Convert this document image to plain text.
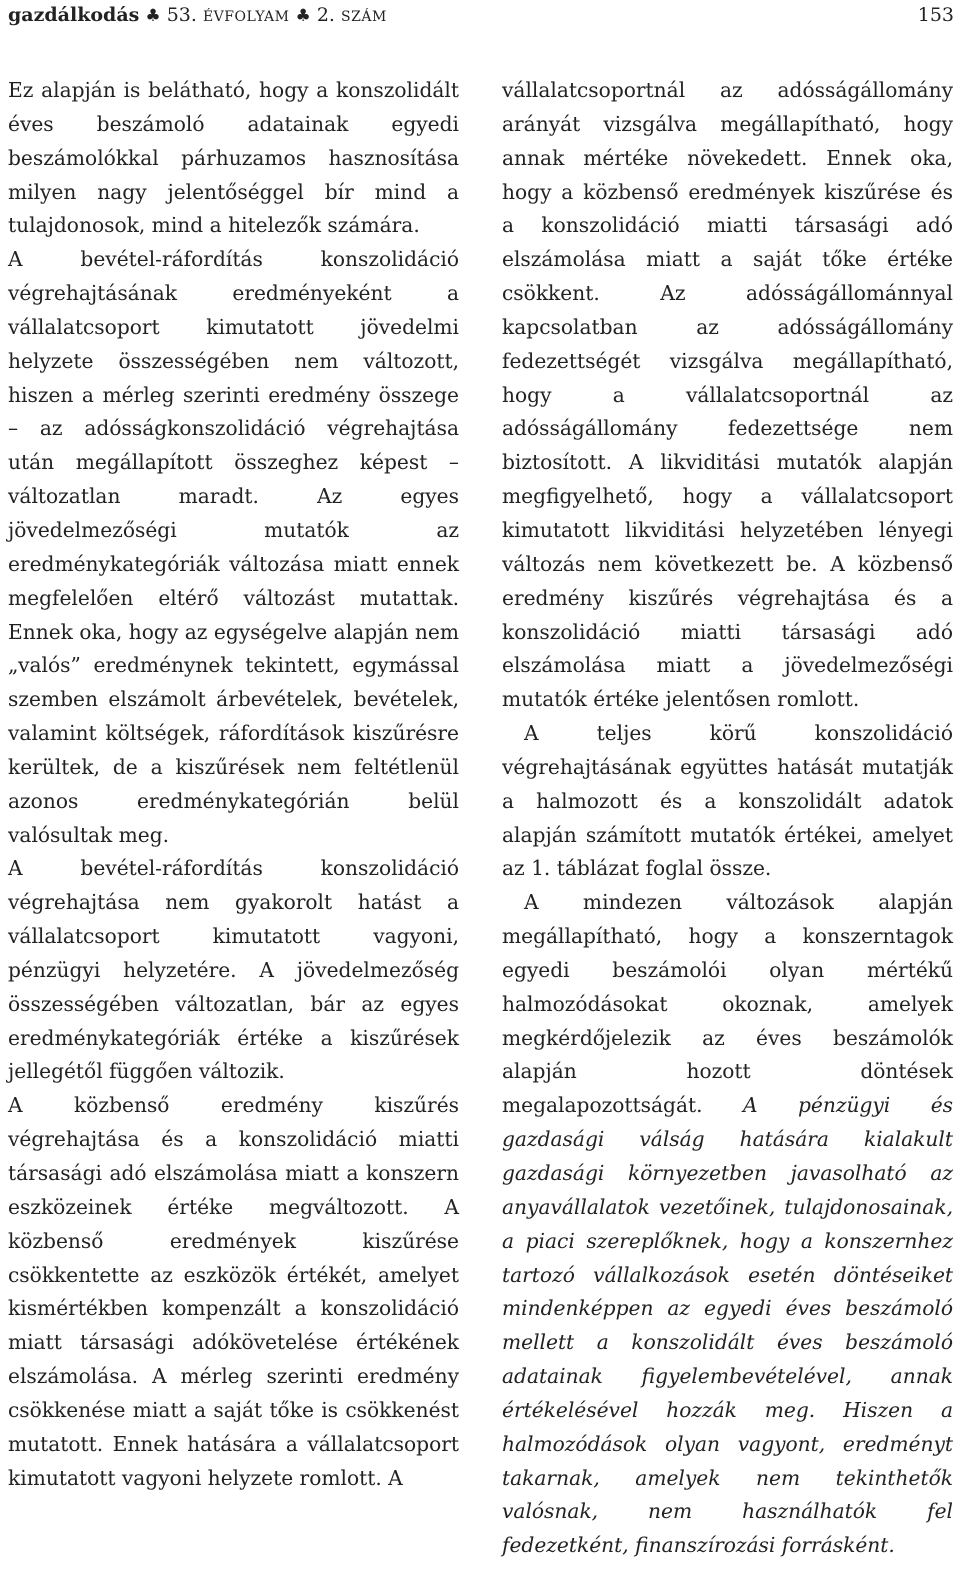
gazdálkodás ♣ 53. ÉVFOLYAM ♣ 2. SZÁM	153

Ez alapján is belátható, hogy a konszolidált éves beszámoló adatainak egyedi beszámolókkal párhuzamos hasznosítása milyen nagy jelentőséggel bír mind a tulajdonosok, mind a hitelezők számára.

A bevétel-ráfordítás konszolidáció végrehajtásának eredményeként a vállalatcsoport kimutatott jövedelmi helyzete összességében nem változott, hiszen a mérleg szerinti eredmény összege – az adósságkonszolidáció végrehajtása után megállapított összeghez képest – változatlan maradt. Az egyes jövedelmezőségi mutatók az eredménykategóriák változása miatt ennek megfelelően eltérő változást mutattak. Ennek oka, hogy az egységelve alapján nem „valós” eredménynek tekintett, egymással szemben elszámolt árbevételek, bevételek, valamint költségek, ráfordítások kiszűrésre kerültek, de a kiszűrések nem feltétlenül azonos eredménykategórián belül valósultak meg.

A bevétel-ráfordítás konszolidáció végrehajtása nem gyakorolt hatást a vállalatcsoport kimutatott vagyoni, pénzügyi helyzetére. A jövedelmezőség összességében változatlan, bár az egyes eredménykategóriák értéke a kiszűrések jellegétől függően változik.

A közbenső eredmény kiszűrés végrehajtása és a konszolidáció miatti társasági adó elszámolása miatt a konszern eszközeinek értéke megváltozott. A közbenső eredmények kiszűrése csökkentette az eszközök értékét, amelyet kismértékben kompenzált a konszolidáció miatt társasági adókövetelése értékének elszámolása. A mérleg szerinti eredmény csökkenése miatt a saját tőke is csökkenést mutatott. Ennek hatására a vállalatcsoport kimutatott vagyoni helyzete romlott. A

vállalatcsoportnál az adósságállomány arányát vizsgálva megállapítható, hogy annak mértéke növekedett. Ennek oka, hogy a közbenső eredmények kiszűrése és a konszolidáció miatti társasági adó elszámolása miatt a saját tőke értéke csökkent. Az adósságállománnyal kapcsolatban az adósságállomány fedezettségét vizsgálva megállapítható, hogy a vállalatcsoportnál az adósságállomány fedezettsége nem biztosított. A likviditási mutatók alapján megfigyelhető, hogy a vállalatcsoport kimutatott likviditási helyzetében lényegi változás nem következett be. A közbenső eredmény kiszűrés végrehajtása és a konszolidáció miatti társasági adó elszámolása miatt a jövedelmezőségi mutatók értéke jelentősen romlott.

A teljes körű konszolidáció végrehajtásának együttes hatását mutatják a halmozott és a konszolidált adatok alapján számított mutatók értékei, amelyet az 1. táblázat foglal össze.

A mindezen változások alapján megállapítható, hogy a konszerntagok egyedi beszámolói olyan mértékű halmozódásokat okoznak, amelyek megkérdőjelezik az éves beszámolók alapján hozott döntések megalapozottságát. A pénzügyi és gazdasági válság hatására kialakult gazdasági környezetben javasolható az anyavállalatok vezetőinek, tulajdonosainak, a piaci szereplőknek, hogy a konszernhez tartozó vállalkozások esetén döntéseiket mindenképpen az egyedi éves beszámoló mellett a konszolidált éves beszámoló adatainak figyelembevételével, annak értékelésével hozzák meg. Hiszen a halmozódások olyan vagyont, eredményt takarnak, amelyek nem tekinthetők valósnak, nem használhatók fel fedezetként, finanszírozási forrásként.
